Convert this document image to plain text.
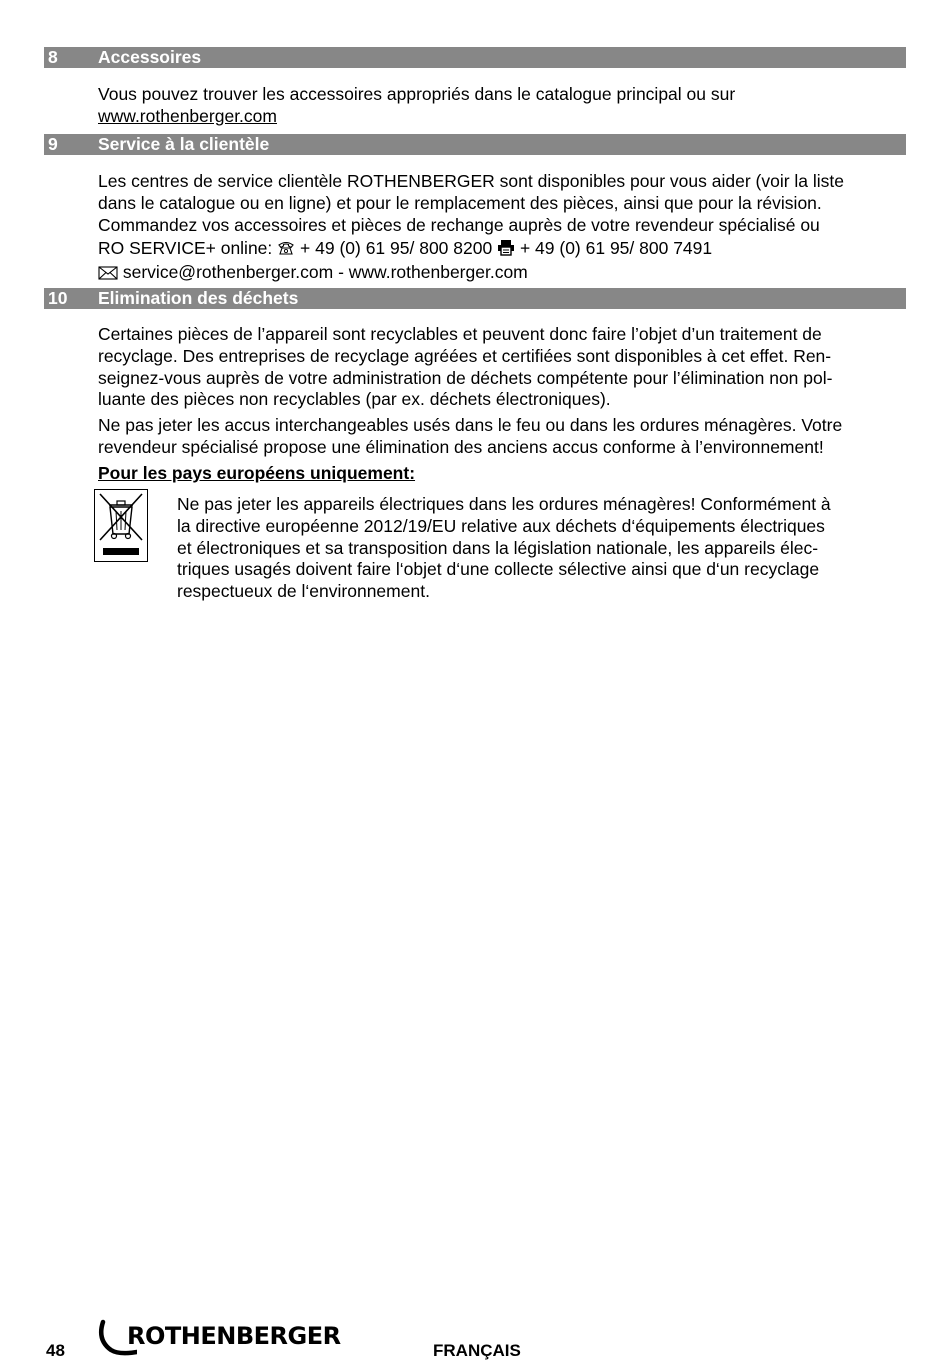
8 Accessoires
Vous pouvez trouver les accessoires appropriés dans le catalogue principal ou sur
www.rothenberger.com
9 Service à la clientèle
Les centres de service clientèle ROTHENBERGER sont disponibles pour vous aider (voir la liste
dans le catalogue ou en ligne) et pour le remplacement des pièces, ainsi que pour la révision.
Commandez vos accessoires et pièces de rechange auprès de votre revendeur spécialisé ou
RO SERVICE+ online: + 49 (0) 61 95/ 800 8200 + 49 (0) 61 95/ 800 7491
service@rothenberger.com - www.rothenberger.com
10 Elimination des déchets
Certaines pièces de l’appareil sont recyclables et peuvent donc faire l’objet d’un traitement de
recyclage. Des entreprises de recyclage agréées et certifiées sont disponibles à cet effet. Ren-
seignez-vous auprès de votre administration de déchets compétente pour l’élimination non pol-
luante des pièces non recyclables (par ex. déchets électroniques).
Ne pas jeter les accus interchangeables usés dans le feu ou dans les ordures ménagères. Votre
revendeur spécialisé propose une élimination des anciens accus conforme à l’environnement!
Pour les pays européens uniquement:
Ne pas jeter les appareils électriques dans les ordures ménagères! Conformément à
la directive européenne 2012/19/EU relative aux déchets d‘équipements électriques
et électroniques et sa transposition dans la législation nationale, les appareils élec-
triques usagés doivent faire l‘objet d‘une collecte sélective ainsi que d‘un recyclage
respectueux de l‘environnement.
48
ROTHENBERGER
FRANÇAIS
